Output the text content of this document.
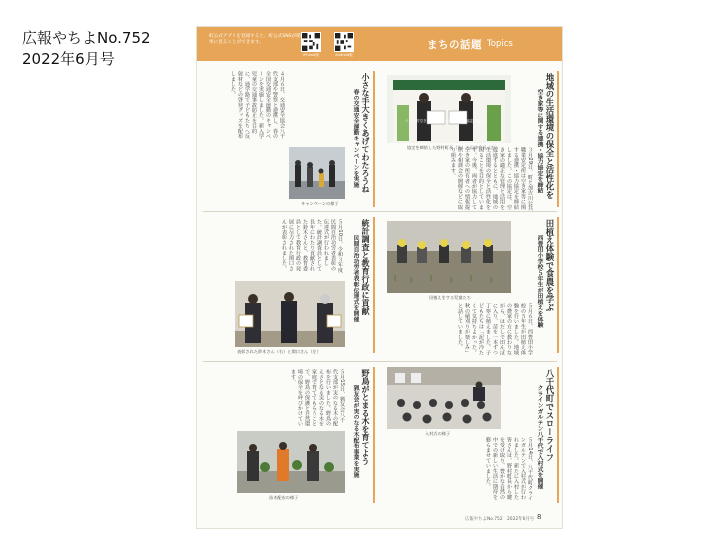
広報やちよNo.752
2022年6月号
町公式アプリを登録すると、町公式SNSが簡単に見ることができます。
iPhone版	Android版
まちの話題 Topics
地域の生活環境の保全と活性化を
空き家等に関する連携・協力協定を締結
３月29日、町と加古川公共職業安定所は空き家等に関する連携・協力協定を締結しました。この協定は、空き家の適正な管理と活用を促進するとともに、地域の生活環境の保全と活性化を図ることを目的としています。今後、両者が協力して空き家の所有者への情報提供や相談会の開催などに取り組みます。
八千代町空き家等に関する連携・協力協定締結式
協定を締結した野村町長（左）と山中会長（右）
小さな手大きくあげてわたろうね
春の交通安全運動キャンペーンを実施
４月６日、交通安全協会八千代支部や警察と連携し、春の全国交通安全運動のキャンペーンを実施しました。新入学児童の交通事故防止を目的に、通学路で子どもたちへ反射材などの啓発グッズを配布しました。
キャンペーンの様子
田植え体験で食農を学ぶ
西豊田小学校５年生が田植えを体験
５月６日、西豊田小学校の５年生が田植え体験を行いました。地域の農家の方に教わりながら、はだしで田んぼに入り、苗を一本ずつ丁寧に植えました。子どもたちは「泥が冷たくて気持ちよかった。秋の稲刈りが楽しみ」と話していました。
田植えをする児童たち
統計調査と教育行政に貢献
民間自治功労者表彰伝達式を開催
５月10日、令和３年度民間自治功労者表彰の伝達式が行われました。統計調査員として長年にわたり貢献された鈴木さんと、教育委員として教育行政の発展に尽力された関口さんが表彰されました。
表彰された鈴木さん（右）と関口さん（左）
八千代町でスローライフ
クラインガルテン八千代で入村式を開催
５月14日、八千代町クラインガルテンで入村式が行われました。新たに入村した皆さんは、野村町長から鍵を受け取り、豊かな自然の中での新しい生活に期待を膨らませていました。
入村式の様子
野鳥がとまる木を育てよう
猟友会が実のなる木配布事業を実施
５月15日、猟友会八千代支部が実のなる木の配布を行いました。野鳥のえさとなる実のなる木を家庭で育ててもらうことで、野鳥の保護と自然環境の保全を呼びかけています。
苗木配布の様子
広報やちよNo.752　2022年6月号 8
